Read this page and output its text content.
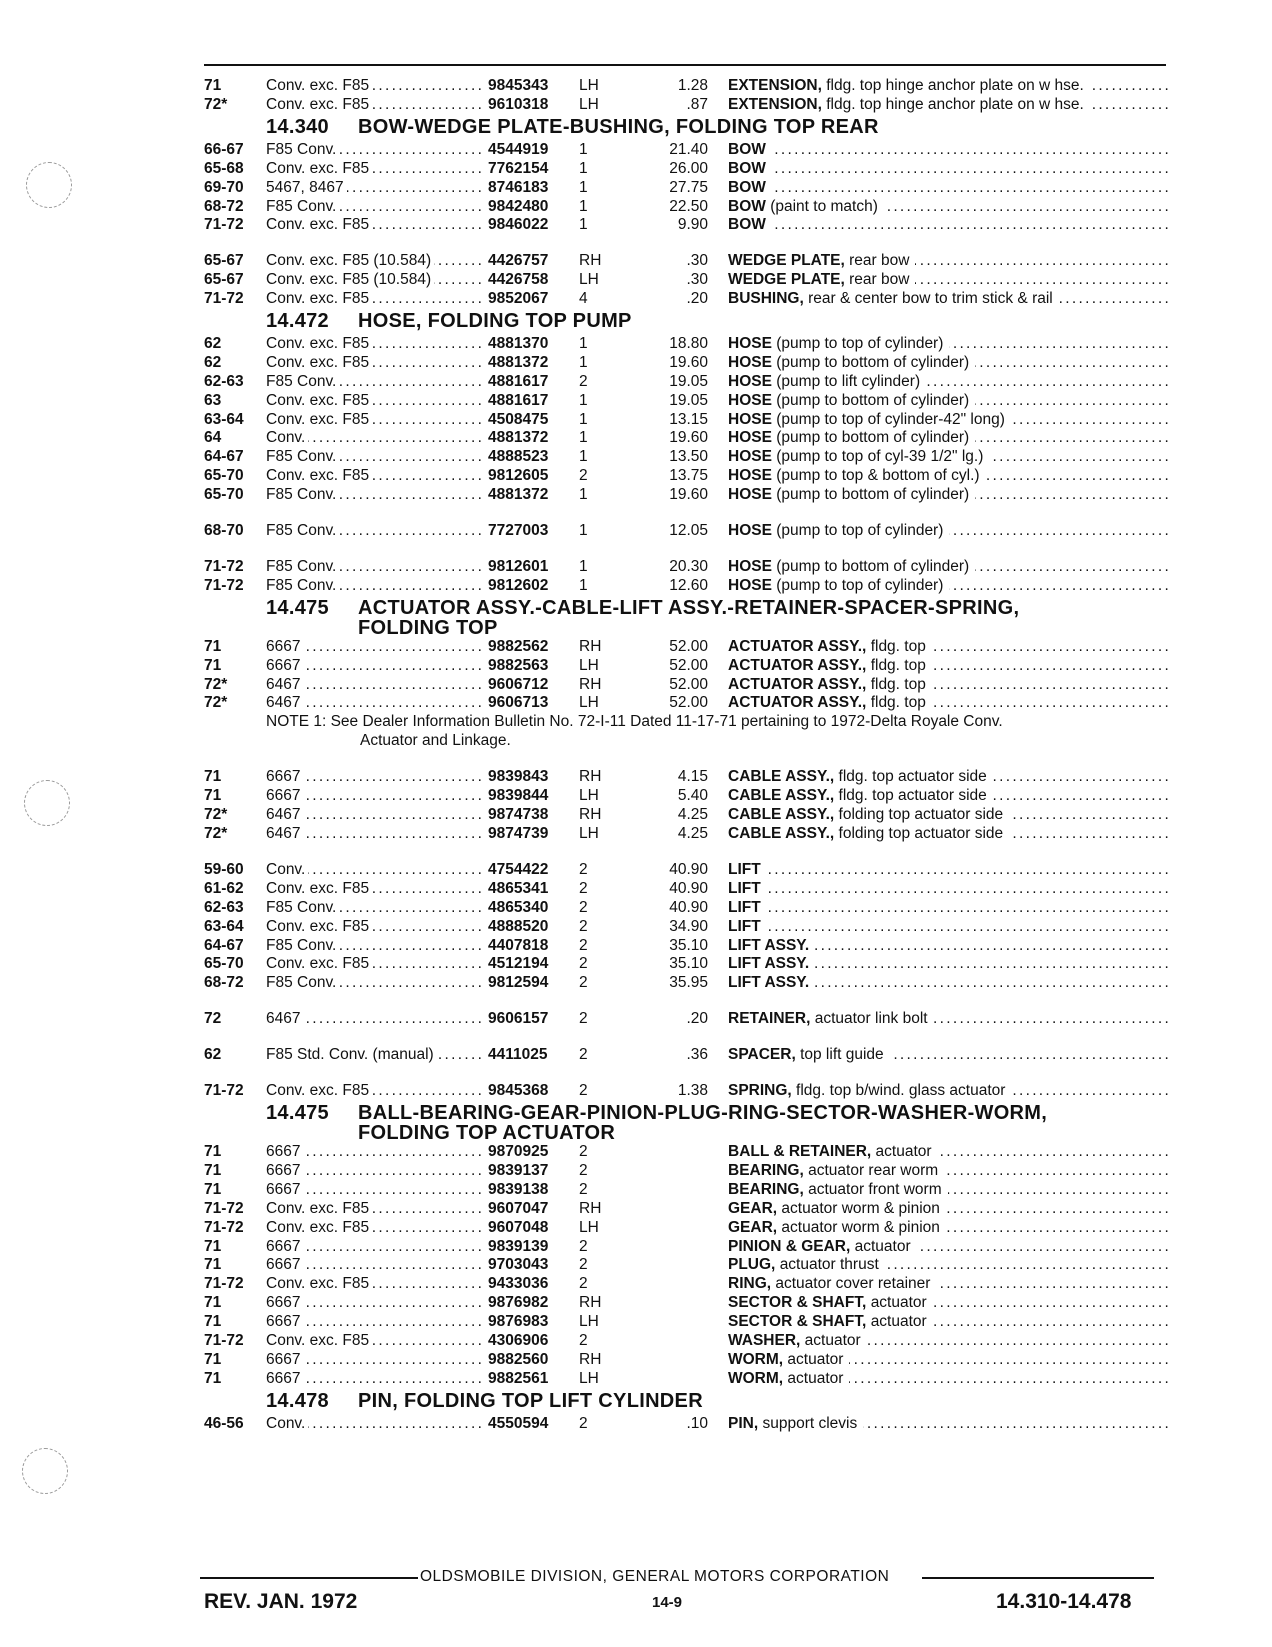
71	Conv. exc. F85 . . .	9845343 LH	1.28 EXTENSION, fldg. top hinge anchor plate on w hse. . . .
72* Conv. exc. F85 . . .	9610318 LH	.87 EXTENSION, fldg. top hinge anchor plate on w hse. . . .
14.340 BOW-WEDGE PLATE-BUSHING, FOLDING TOP REAR
66-67 F85 Conv. . . .	4544919 1	21.40 BOW . . .
65-68 Conv. exc. F85 . . .	7762154 1	26.00 BOW . . .
69-70 5467, 8467 . . .	8746183 1	27.75 BOW . . .
68-72 F85 Conv. . . .	9842480 1	22.50 BOW (paint to match) . . .
71-72 Conv. exc. F85 . . .	9846022 1	9.90 BOW . . .
65-67 Conv. exc. F85 (10.584) . . .	4426757 RH	.30 WEDGE PLATE, rear bow . . .
65-67 Conv. exc. F85 (10.584) . . .	4426758 LH	.30 WEDGE PLATE, rear bow . . .
71-72 Conv. exc. F85 . . .	9852067 4	.20 BUSHING, rear & center bow to trim stick & rail . . .
14.472 HOSE, FOLDING TOP PUMP
62	Conv. exc. F85 . . .	4881370 1	18.80 HOSE (pump to top of cylinder) . . .
62	Conv. exc. F85 . . .	4881372 1	19.60 HOSE (pump to bottom of cylinder) . . .
62-63 F85 Conv. . . .	4881617 2	19.05 HOSE (pump to lift cylinder) . . .
63	Conv. exc. F85 . . .	4881617 1	19.05 HOSE (pump to bottom of cylinder) . . .
63-64 Conv. exc. F85 . . .	4508475 1	13.15 HOSE (pump to top of cylinder-42" long) . . .
64	Conv. . . .	4881372 1	19.60 HOSE (pump to bottom of cylinder) . . .
64-67 F85 Conv. . . .	4888523 1	13.50 HOSE (pump to top of cyl-39 1/2" lg.) . . .
65-70 Conv. exc. F85 . . .	9812605 2	13.75 HOSE (pump to top & bottom of cyl.) . . .
65-70 F85 Conv. . . .	4881372 1	19.60 HOSE (pump to bottom of cylinder) . . .
68-70 F85 Conv. . . .	7727003 1	12.05 HOSE (pump to top of cylinder) . . .
71-72 F85 Conv. . . .	9812601 1	20.30 HOSE (pump to bottom of cylinder) . . .
71-72 F85 Conv. . . .	9812602 1	12.60 HOSE (pump to top of cylinder) . . .
14.475 ACTUATOR ASSY.-CABLE-LIFT ASSY.-RETAINER-SPACER-SPRING,
FOLDING TOP
71	6667 . . .	9882562 RH	52.00 ACTUATOR ASSY., fldg. top . . .
71	6667 . . .	9882563 LH	52.00 ACTUATOR ASSY., fldg. top . . .
72* 6467 . . .	9606712 RH	52.00 ACTUATOR ASSY., fldg. top . . .
72* 6467 . . .	9606713 LH	52.00 ACTUATOR ASSY., fldg. top . . .
NOTE 1: See Dealer Information Bulletin No. 72-I-11 Dated 11-17-71 pertaining to 1972-Delta Royale Conv.
Actuator and Linkage.
71	6667 . . .	9839843 RH	4.15 CABLE ASSY., fldg. top actuator side . . .
71	6667 . . .	9839844 LH	5.40 CABLE ASSY., fldg. top actuator side . . .
72* 6467 . . .	9874738 RH	4.25 CABLE ASSY., folding top actuator side . . .
72* 6467 . . .	9874739 LH	4.25 CABLE ASSY., folding top actuator side . . .
59-60 Conv. . . .	4754422 2	40.90 LIFT . . .
61-62 Conv. exc. F85 . . .	4865341 2	40.90 LIFT . . .
62-63 F85 Conv. . . .	4865340 2	40.90 LIFT . . .
63-64 Conv. exc. F85 . . .	4888520 2	34.90 LIFT . . .
64-67 F85 Conv. . . .	4407818 2	35.10 LIFT ASSY. . . .
65-70 Conv. exc. F85 . . .	4512194 2	35.10 LIFT ASSY. . . .
68-72 F85 Conv. . . .	9812594 2	35.95 LIFT ASSY. . . .
72	6467 . . .	9606157 2	.20 RETAINER, actuator link bolt . . .
62	F85 Std. Conv. (manual) . . .	4411025 2	.36 SPACER, top lift guide . . .
71-72 Conv. exc. F85 . . .	9845368 2	1.38 SPRING, fldg. top b/wind. glass actuator . . .
14.475 BALL-BEARING-GEAR-PINION-PLUG-RING-SECTOR-WASHER-WORM,
FOLDING TOP ACTUATOR
71	6667 . . .	9870925 2	BALL & RETAINER, actuator . . .
71	6667 . . .	9839137 2	BEARING, actuator rear worm . . .
71	6667 . . .	9839138 2	BEARING, actuator front worm . . .
71-72 Conv. exc. F85 . . .	9607047 RH	GEAR, actuator worm & pinion . . .
71-72 Conv. exc. F85 . . .	9607048 LH	GEAR, actuator worm & pinion . . .
71	6667 . . .	9839139 2	PINION & GEAR, actuator . . .
71	6667 . . .	9703043 2	PLUG, actuator thrust . . .
71-72 Conv. exc. F85 . . .	9433036 2	RING, actuator cover retainer . . .
71	6667 . . .	9876982 RH	SECTOR & SHAFT, actuator . . .
71	6667 . . .	9876983 LH	SECTOR & SHAFT, actuator . . .
71-72 Conv. exc. F85 . . .	4306906 2	WASHER, actuator . . .
71	6667 . . .	9882560 RH	WORM, actuator . . .
71	6667 . . .	9882561 LH	WORM, actuator . . .
14.478 PIN, FOLDING TOP LIFT CYLINDER
46-56 Conv. . . .	4550594 2	.10 PIN, support clevis . . .
OLDSMOBILE DIVISION, GENERAL MOTORS CORPORATION
REV. JAN. 1972	14-9	14.310-14.478
